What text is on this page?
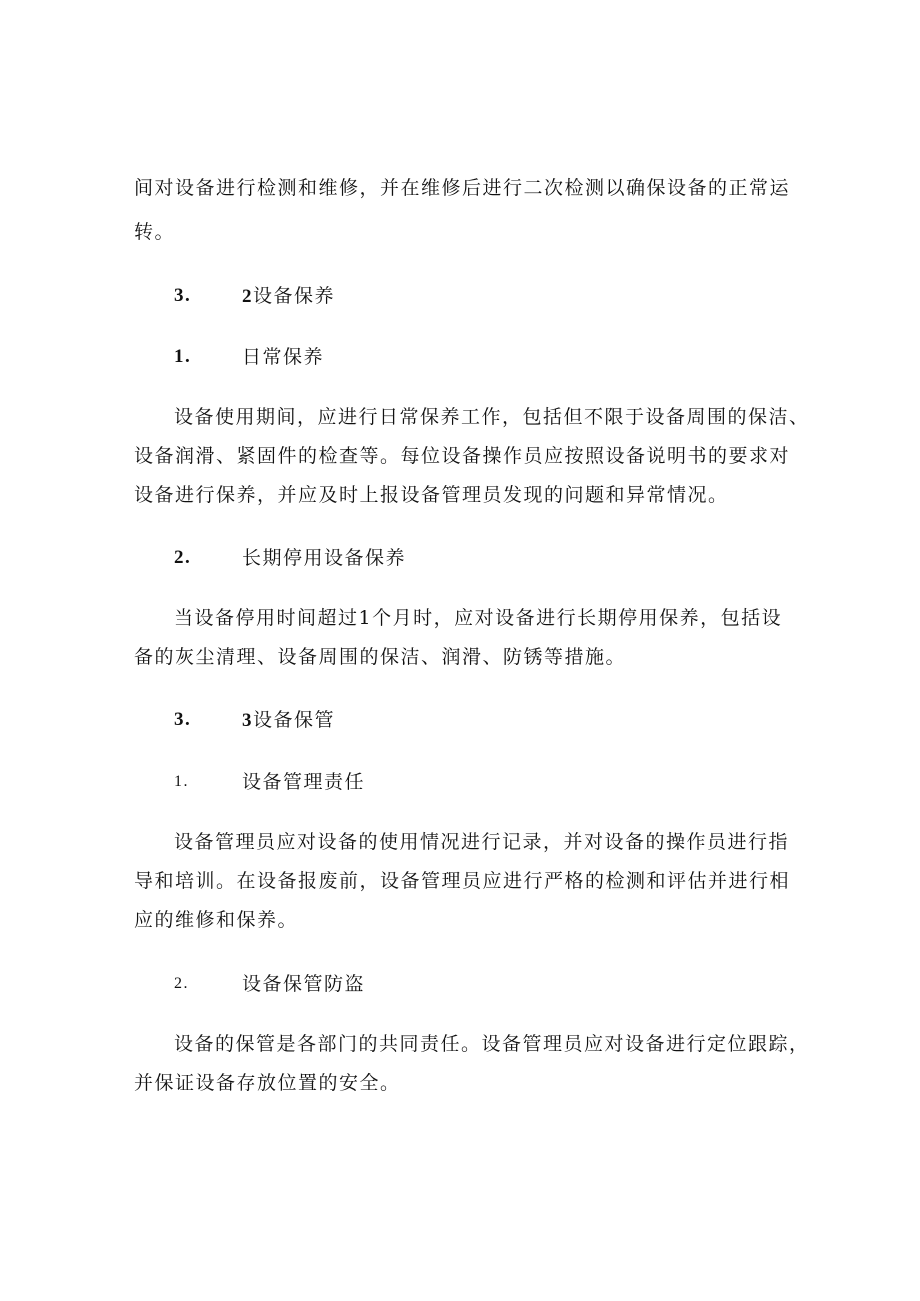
间对设备进行检测和维修，并在维修后进行二次检测以确保设备的正常运
转。
3.	2设备保养
1.	日常保养
设备使用期间，应进行日常保养工作，包括但不限于设备周围的保洁、
设备润滑、紧固件的检查等。每位设备操作员应按照设备说明书的要求对
设备进行保养，并应及时上报设备管理员发现的问题和异常情况。
2.	长期停用设备保养
当设备停用时间超过1个月时，应对设备进行长期停用保养，包括设
备的灰尘清理、设备周围的保洁、润滑、防锈等措施。
3.	3设备保管
1.	设备管理责任
设备管理员应对设备的使用情况进行记录，并对设备的操作员进行指
导和培训。在设备报废前，设备管理员应进行严格的检测和评估并进行相
应的维修和保养。
2.	设备保管防盗
设备的保管是各部门的共同责任。设备管理员应对设备进行定位跟踪，
并保证设备存放位置的安全。
